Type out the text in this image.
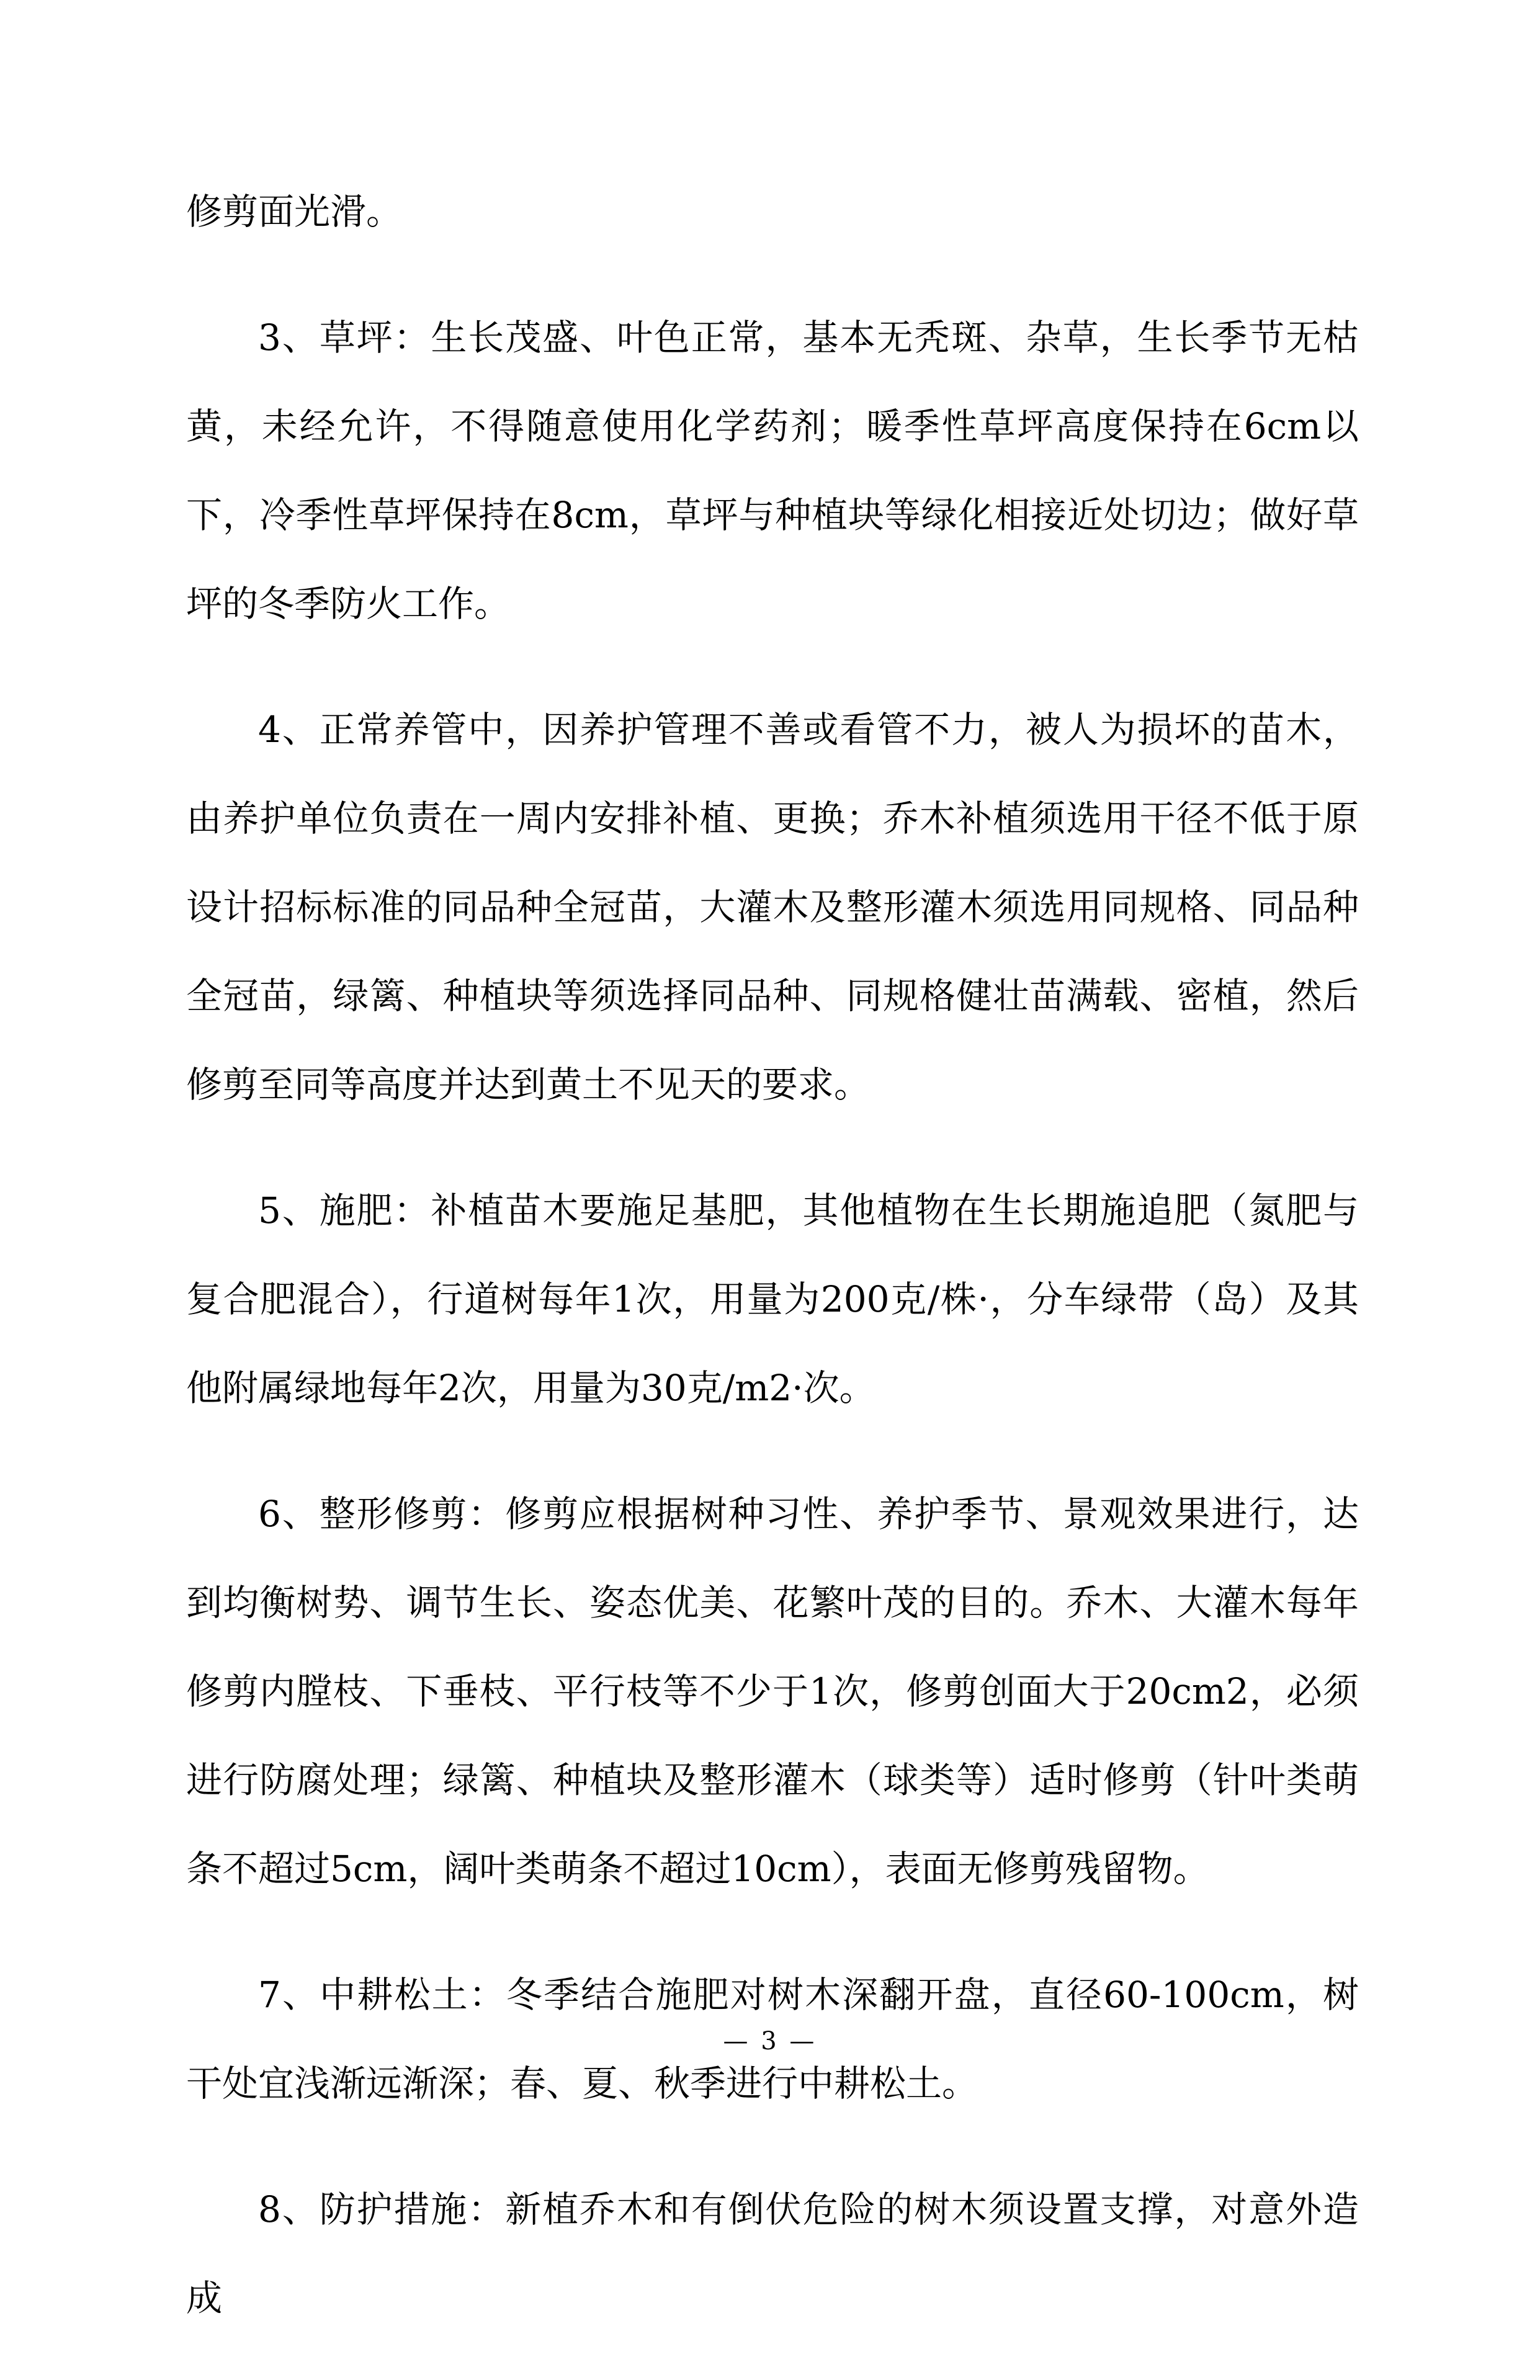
修剪面光滑。

3、草坪：生长茂盛、叶色正常，基本无秃斑、杂草，生长季节无枯黄，未经允许，不得随意使用化学药剂；暖季性草坪高度保持在6cm以下，冷季性草坪保持在8cm，草坪与种植块等绿化相接近处切边；做好草坪的冬季防火工作。

4、正常养管中，因养护管理不善或看管不力，被人为损坏的苗木，由养护单位负责在一周内安排补植、更换；乔木补植须选用干径不低于原设计招标标准的同品种全冠苗，大灌木及整形灌木须选用同规格、同品种全冠苗，绿篱、种植块等须选择同品种、同规格健壮苗满载、密植，然后修剪至同等高度并达到黄土不见天的要求。

5、施肥：补植苗木要施足基肥，其他植物在生长期施追肥（氮肥与复合肥混合），行道树每年1次，用量为200克/株·，分车绿带（岛）及其他附属绿地每年2次，用量为30克/m2·次。

6、整形修剪：修剪应根据树种习性、养护季节、景观效果进行，达到均衡树势、调节生长、姿态优美、花繁叶茂的目的。乔木、大灌木每年修剪内膛枝、下垂枝、平行枝等不少于1次，修剪创面大于20cm2，必须进行防腐处理；绿篱、种植块及整形灌木（球类等）适时修剪（针叶类萌条不超过5cm，阔叶类萌条不超过10cm），表面无修剪残留物。

7、中耕松土：冬季结合施肥对树木深翻开盘，直径60-100cm，树干处宜浅渐远渐深；春、夏、秋季进行中耕松土。

8、防护措施：新植乔木和有倒伏危险的树木须设置支撑，对意外造成

— 3 —
